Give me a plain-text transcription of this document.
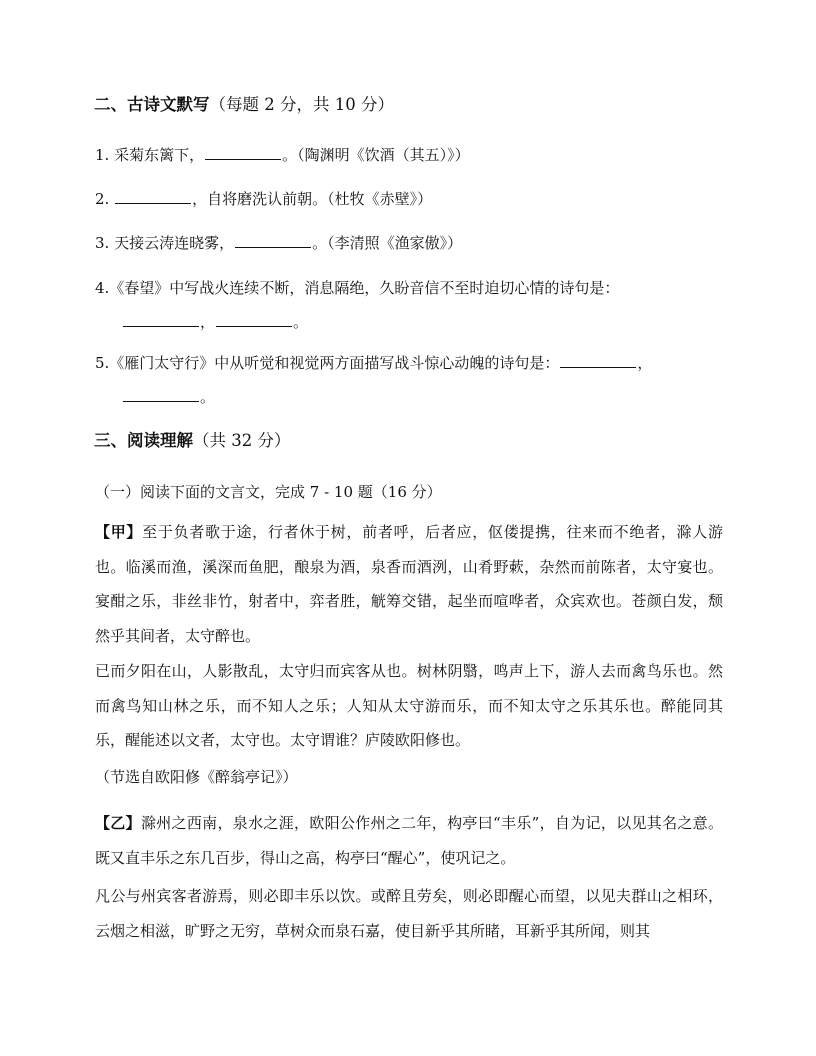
二、古诗文默写（每题 2 分，共 10 分）
1. 采菊东篱下，	。（陶渊明《饮酒（其五）》）
2.	，自将磨洗认前朝。（杜牧《赤壁》）
3. 天接云涛连晓雾，	。（李清照《渔家傲》）
4.《春望》中写战火连续不断，消息隔绝，久盼音信不至时迫切心情的诗句是：
，	。
5.《雁门太守行》中从听觉和视觉两方面描写战斗惊心动魄的诗句是：	，
。
三、阅读理解（共 32 分）
（一）阅读下面的文言文，完成 7 - 10 题（16 分）
【甲】至于负者歌于途，行者休于树，前者呼，后者应，伛偻提携，往来而不绝者，滁人游也。临溪而渔，溪深而鱼肥，酿泉为酒，泉香而酒洌，山肴野蔌，杂然而前陈者，太守宴也。宴酣之乐，非丝非竹，射者中，弈者胜，觥筹交错，起坐而喧哗者，众宾欢也。苍颜白发，颓然乎其间者，太守醉也。
已而夕阳在山，人影散乱，太守归而宾客从也。树林阴翳，鸣声上下，游人去而禽鸟乐也。然而禽鸟知山林之乐，而不知人之乐；人知从太守游而乐，而不知太守之乐其乐也。醉能同其乐，醒能述以文者，太守也。太守谓谁？庐陵欧阳修也。
（节选自欧阳修《醉翁亭记》）
【乙】滁州之西南，泉水之涯，欧阳公作州之二年，构亭曰“丰乐”，自为记，以见其名之意。既又直丰乐之东几百步，得山之高，构亭曰“醒心”，使巩记之。
凡公与州宾客者游焉，则必即丰乐以饮。或醉且劳矣，则必即醒心而望，以见夫群山之相环，云烟之相滋，旷野之无穷，草树众而泉石嘉，使目新乎其所睹，耳新乎其所闻，则其
